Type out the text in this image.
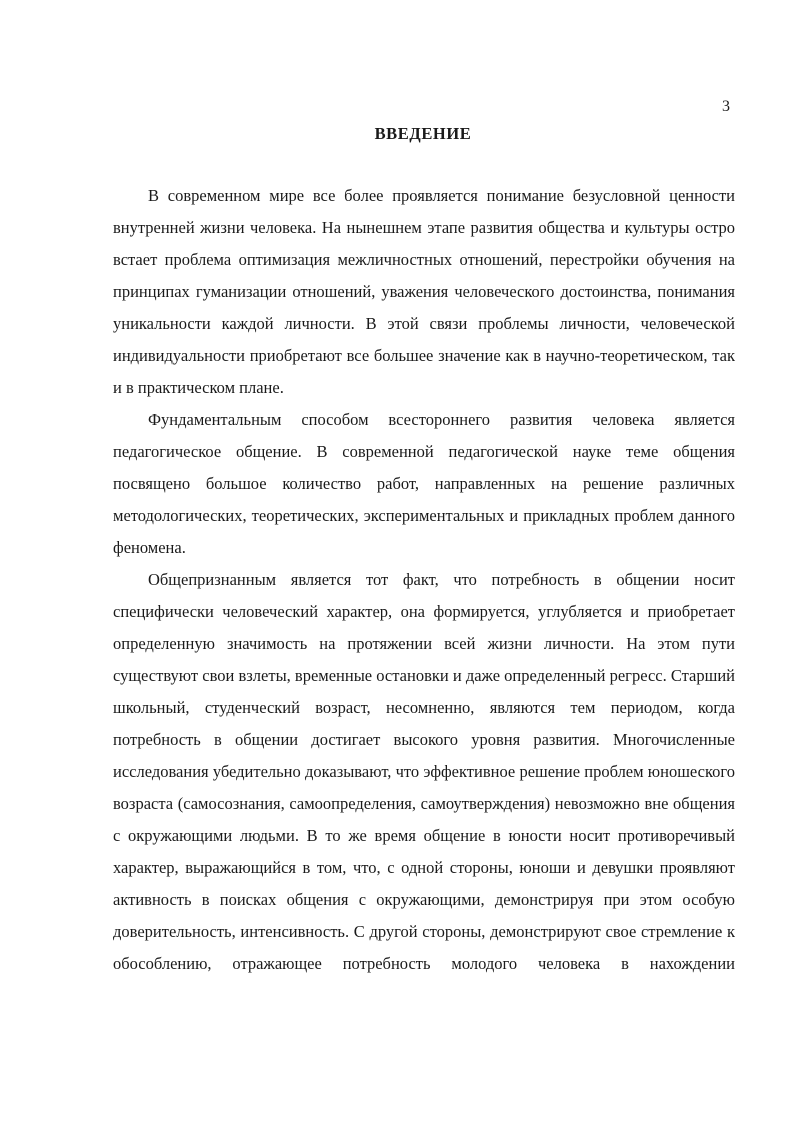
3
ВВЕДЕНИЕ

В современном мире все более проявляется понимание безусловной ценности внутренней жизни человека. На нынешнем этапе развития общества и культуры остро встает проблема оптимизация межличностных отношений, перестройки обучения на принципах гуманизации отношений, уважения человеческого достоинства, понимания уникальности каждой личности. В этой связи проблемы личности, человеческой индивидуальности приобретают все большее значение как в научно-теоретическом, так и в практическом плане.

Фундаментальным способом всестороннего развития человека является педагогическое общение. В современной педагогической науке теме общения посвящено большое количество работ, направленных на решение различных методологических, теоретических, экспериментальных и прикладных проблем данного феномена.

Общепризнанным является тот факт, что потребность в общении носит специфически человеческий характер, она формируется, углубляется и приобретает определенную значимость на протяжении всей жизни личности. На этом пути существуют свои взлеты, временные остановки и даже определенный регресс. Старший школьный, студенческий возраст, несомненно, являются тем периодом, когда потребность в общении достигает высокого уровня развития. Многочисленные исследования убедительно доказывают, что эффективное решение проблем юношеского возраста (самосознания, самоопределения, самоутверждения) невозможно вне общения с окружающими людьми. В то же время общение в юности носит противоречивый характер, выражающийся в том, что, с одной стороны, юноши и девушки проявляют активность в поисках общения с окружающими, демонстрируя при этом особую доверительность, интенсивность. С другой стороны, демонстрируют свое стремление к обособлению, отражающее потребность молодого человека в нахождении
